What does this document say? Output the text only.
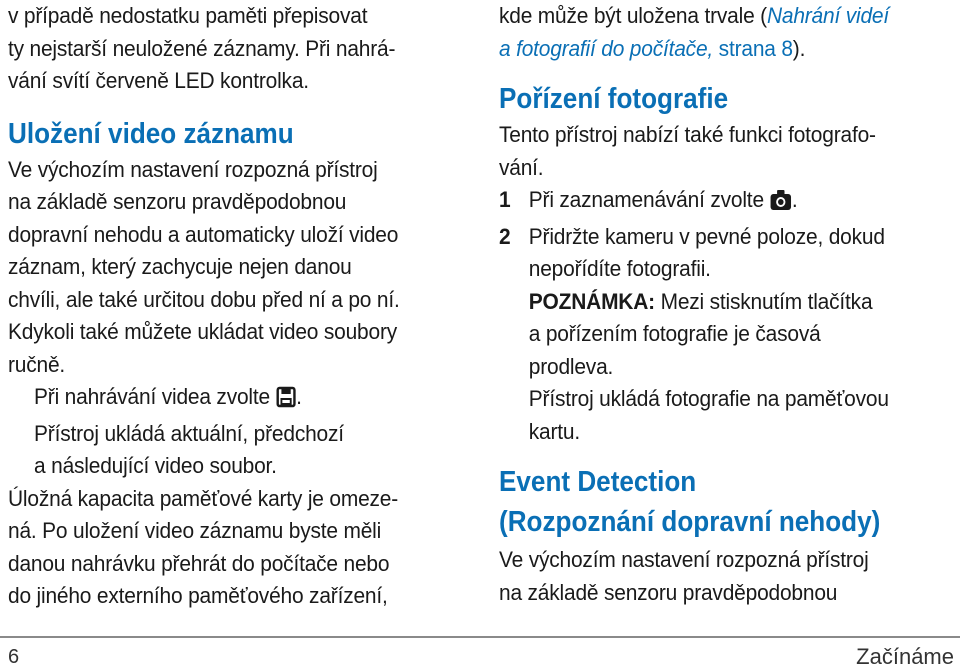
v případě nedostatku paměti přepisovat

ty nejstarší neuložené záznamy. Při nahrá-

vání svítí červeně LED kontrolka.

Uložení video záznamu

Ve výchozím nastavení rozpozná přístroj

na základě senzoru pravděpodobnou

dopravní nehodu a automaticky uloží video

záznam, který zachycuje nejen danou

chvíli, ale také určitou dobu před ní a po ní.

Kdykoli také můžete ukládat video soubory

ručně.

Při nahrávání videa zvolte .

Přístroj ukládá aktuální, předchozí

a následující video soubor.

Úložná kapacita paměťové karty je omeze-

ná. Po uložení video záznamu byste měli

danou nahrávku přehrát do počítače nebo

do jiného externího paměťového zařízení,

kde může být uložena trvale (Nahrání videí

a fotografií do počítače, strana 8).

Pořízení fotografie

Tento přístroj nabízí také funkci fotografo-

vání.

1 Při zaznamenávání zvolte .

2 Přidržte kameru v pevné poloze, dokud

nepořídíte fotografii.

POZNÁMKA: Mezi stisknutím tlačítka

a pořízením fotografie je časová

prodleva.

Přístroj ukládá fotografie na paměťovou

kartu.

Event Detection
(Rozpoznání dopravní nehody)

Ve výchozím nastavení rozpozná přístroj

na základě senzoru pravděpodobnou

6	Začínáme
